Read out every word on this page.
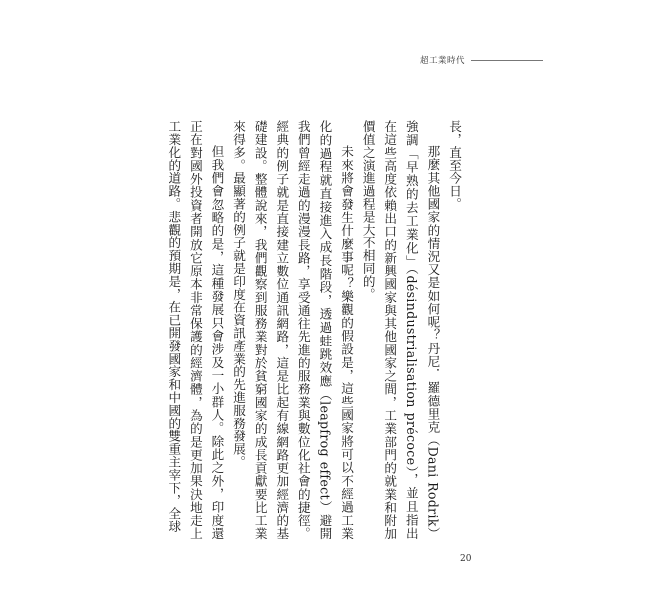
超工業時代

長，直至今日。

那麼其他國家的情況又是如何呢？丹尼．羅德里克（Dani Rodrik）強調「早熟的去工業化」（désindustrialisation précoce），並且指出在這些高度依賴出口的新興國家與其他國家之間，工業部門的就業和附加價值之演進過程是大不相同的。

未來將會發生什麼事呢？樂觀的假設是，這些國家將可以不經過工業化的過程就直接進入成長階段，透過蛙跳效應（leapfrog effect）避開我們曾經走過的漫漫長路，享受通往先進的服務業與數位化社會的捷徑。經典的例子就是直接建立數位通訊網路，這是比起有線網路更加經濟的基礎建設。整體說來，我們觀察到服務業對於貧窮國家的成長貢獻要比工業來得多。最顯著的例子就是印度在資訊產業的先進服務發展。

但我們會忽略的是，這種發展只會涉及一小群人。除此之外，印度還正在對國外投資者開放它原本非常保護的經濟體，為的是更加果決地走上工業化的道路。悲觀的預期是，在已開發國家和中國的雙重主宰下，全球

20
